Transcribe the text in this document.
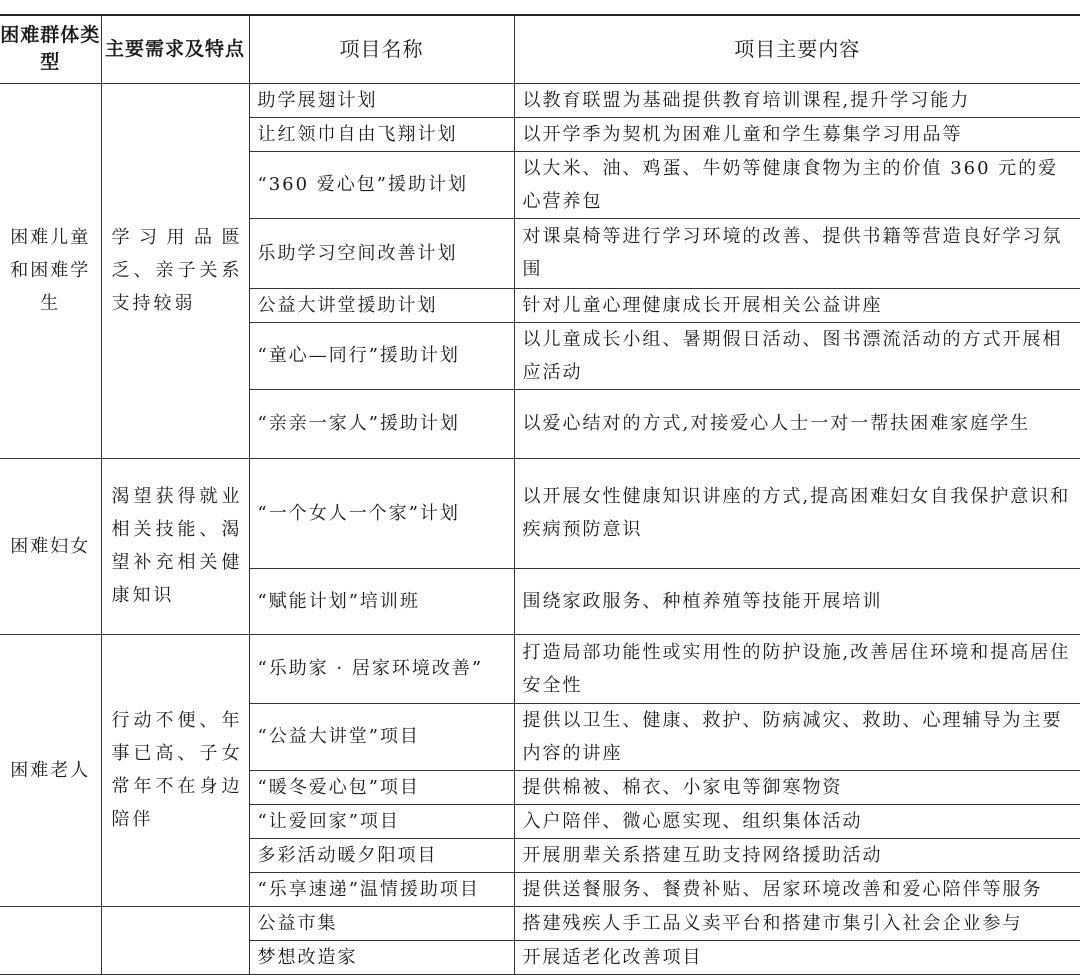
困难群体类型	主要需求及特点	项目名称	项目主要内容
困难儿童和困难学生	学习用品匮乏、亲子关系支持较弱	助学展翅计划	以教育联盟为基础提供教育培训课程,提升学习能力
		让红领巾自由飞翔计划	以开学季为契机为困难儿童和学生募集学习用品等
		“360 爱心包”援助计划	以大米、油、鸡蛋、牛奶等健康食物为主的价值 360 元的爱心营养包
		乐助学习空间改善计划	对课桌椅等进行学习环境的改善、提供书籍等营造良好学习氛围
		公益大讲堂援助计划	针对儿童心理健康成长开展相关公益讲座
		“童心—同行”援助计划	以儿童成长小组、暑期假日活动、图书漂流活动的方式开展相应活动
		“亲亲一家人”援助计划	以爱心结对的方式,对接爱心人士一对一帮扶困难家庭学生
困难妇女	渴望获得就业相关技能、渴望补充相关健康知识	“一个女人一个家”计划	以开展女性健康知识讲座的方式,提高困难妇女自我保护意识和疾病预防意识
		“赋能计划”培训班	围绕家政服务、种植养殖等技能开展培训
困难老人	行动不便、年事已高、子女常年不在身边陪伴	“乐助家 · 居家环境改善”	打造局部功能性或实用性的防护设施,改善居住环境和提高居住安全性
		“公益大讲堂”项目	提供以卫生、健康、救护、防病减灾、救助、心理辅导为主要内容的讲座
		“暖冬爱心包”项目	提供棉被、棉衣、小家电等御寒物资
		“让爱回家”项目	入户陪伴、微心愿实现、组织集体活动
		多彩活动暖夕阳项目	开展朋辈关系搭建互助支持网络援助活动
		“乐享速递”温情援助项目	提供送餐服务、餐费补贴、居家环境改善和爱心陪伴等服务
		公益市集	搭建残疾人手工品义卖平台和搭建市集引入社会企业参与
		梦想改造家	开展适老化改善项目
